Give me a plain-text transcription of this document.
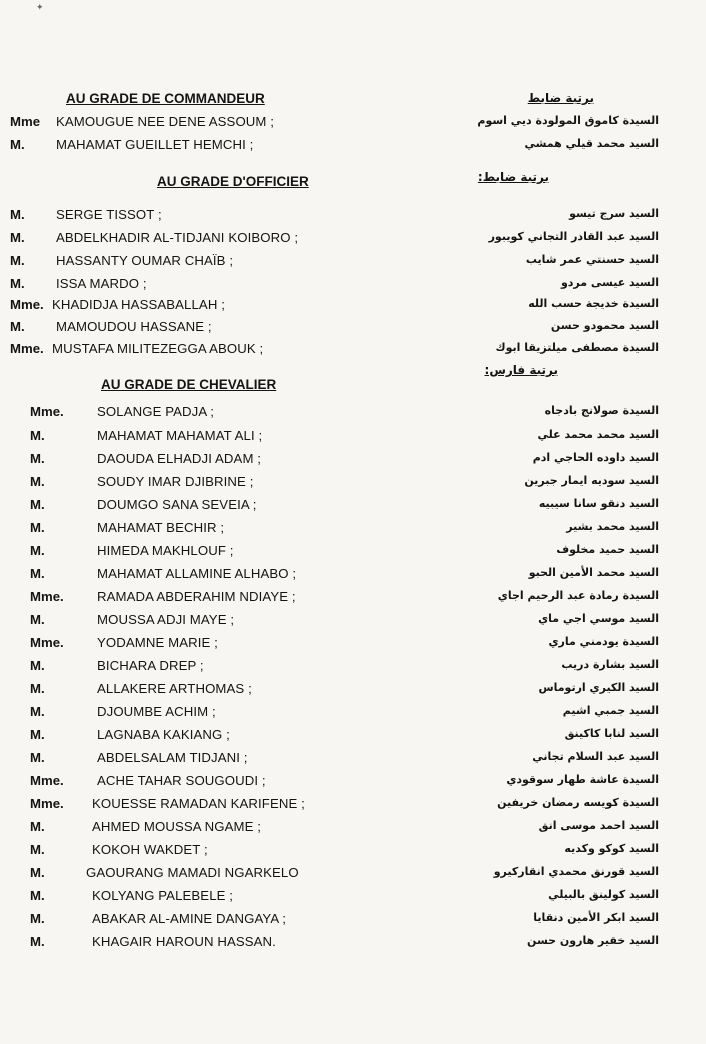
✦
AU GRADE DE COMMANDEUR	برتبة ضابط
AU GRADE D'OFFICIER	برتبة ضابط:
AU GRADE DE CHEVALIER
برتبة فارس:
Mme KAMOUGUE NEE DENE ASSOUM ;	السيدة كاموق المولودة ديي اسوم
M. MAHAMAT GUEILLET HEMCHI ;	السيد محمد قيلي همشي
M. SERGE TISSOT ;	السيد سرج تيسو
M. ABDELKHADIR AL-TIDJANI KOIBORO ;	السيد عبد القادر التجاني كويبور
M. HASSANTY OUMAR CHAÏB ;	السيد حسنتي عمر شايب
M. ISSA MARDO ;	السيد عيسى مردو
Mme. KHADIDJA HASSABALLAH ;	السيدة خديجة حسب الله
M. MAMOUDOU HASSANE ;	السيد محمودو حسن
Mme. MUSTAFA MILITEZEGGA ABOUK ;	السيدة مصطفى ميلتزيقا ابوك
Mme.	SOLANGE PADJA ;	السيدة صولانج بادجاه
M.	MAHAMAT MAHAMAT ALI ;	السيد محمد محمد علي
M.	DAOUDA ELHADJI ADAM ;	السيد داوده الحاجي ادم
M.	SOUDY IMAR DJIBRINE ;	السيد سوديه ايمار جبرين
M.	DOUMGO SANA SEVEIA ;	السيد دنقو سانا سيبيه
M.	MAHAMAT BECHIR ;	السيد محمد بشير
M.	HIMEDA MAKHLOUF ;	السيد حميد مخلوف
M.	MAHAMAT ALLAMINE ALHABO ;	السيد محمد الأمين الحبو
Mme.	RAMADA ABDERAHIM NDIAYE ;	السيدة رمادة عبد الرحيم اجاي
M.	MOUSSA ADJI MAYE ;	السيد موسي اجي ماي
Mme.	YODAMNE MARIE ;	السيدة يودمني ماري
M.	BICHARA DREP ;	السيد بشارة دريب
M.	ALLAKERE ARTHOMAS ;	السيد الكيري ارتوماس
M.	DJOUMBE ACHIM ;	السيد جمبي اشيم
M.	LAGNABA KAKIANG ;	السيد لنابا كاكينق
M.	ABDELSALAM TIDJANI ;	السيد عبد السلام تجاني
Mme.	ACHE TAHAR SOUGOUDI ;	السيدة عاشة طهار سوقودي
Mme. KOUESSE RAMADAN KARIFENE ;	السيدة كويسه رمضان خريفين
M.	AHMED MOUSSA NGAME ;	السيد احمد موسى انق
M.	KOKOH WAKDET ;	السيد كوكو وكديه
M.	GAOURANG MAMADI NGARKELO	السيد قورنق محمدي انقاركيرو
M.	KOLYANG PALEBELE ;	السيد كولينق بالبيلي
M.	ABAKAR AL-AMINE DANGAYA ;	السيد ابكر الأمين دنقايا
M.	KHAGAIR HAROUN HASSAN.	السيد خقير هارون حسن
